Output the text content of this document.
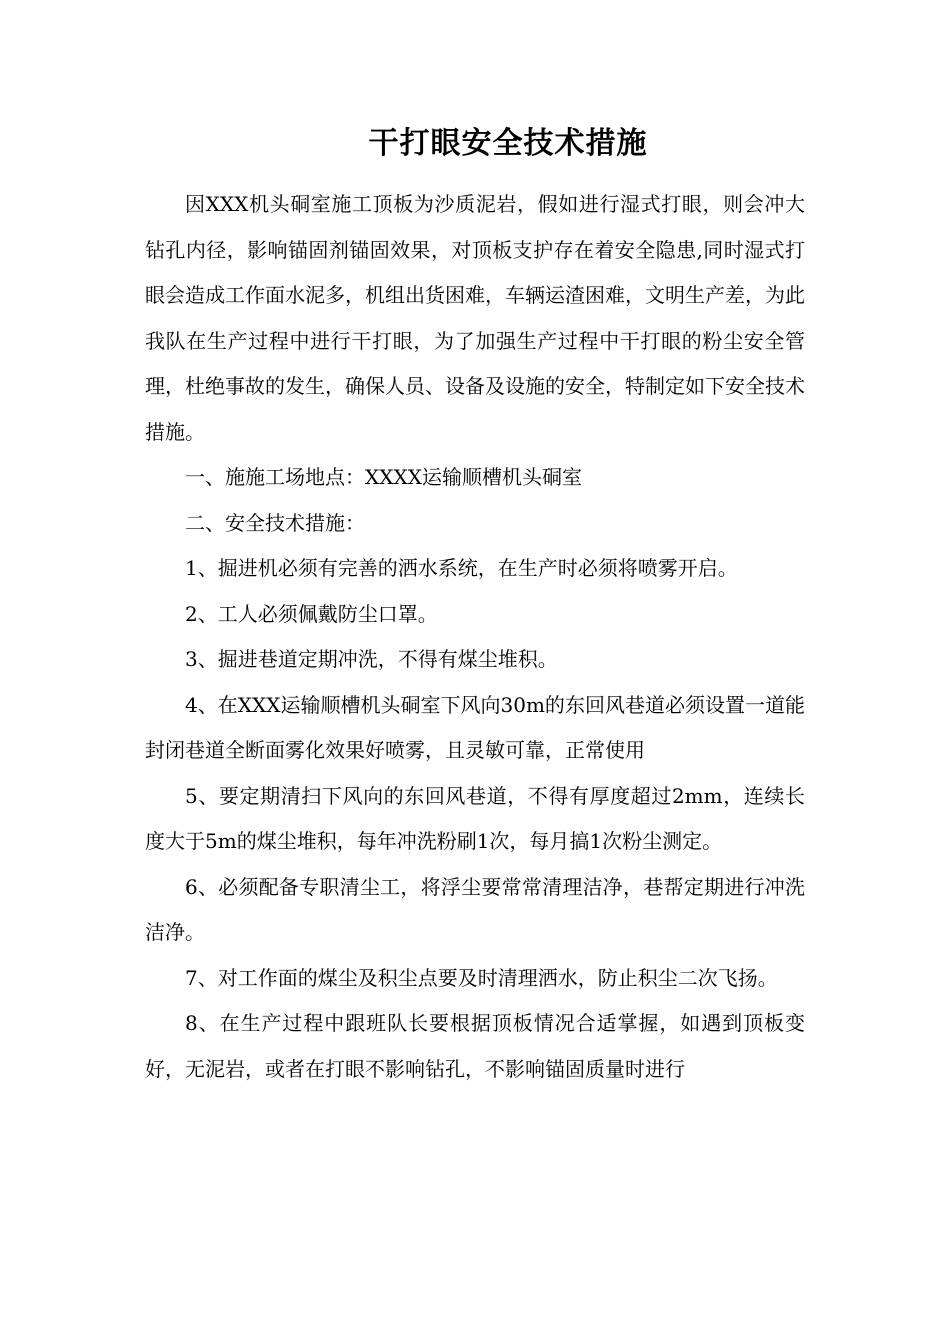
干打眼安全技术措施

因XXX机头硐室施工顶板为沙质泥岩，假如进行湿式打眼，则会冲大钻孔内径，影响锚固剂锚固效果，对顶板支护存在着安全隐患,同时湿式打眼会造成工作面水泥多，机组出货困难，车辆运渣困难，文明生产差，为此我队在生产过程中进行干打眼，为了加强生产过程中干打眼的粉尘安全管理，杜绝事故的发生，确保人员、设备及设施的安全，特制定如下安全技术措施。

一、施施工场地点：XXXX运输顺槽机头硐室

二、安全技术措施：

1、掘进机必须有完善的洒水系统，在生产时必须将喷雾开启。

2、工人必须佩戴防尘口罩。

3、掘进巷道定期冲洗，不得有煤尘堆积。

4、在XXX运输顺槽机头硐室下风向30m的东回风巷道必须设置一道能封闭巷道全断面雾化效果好喷雾，且灵敏可靠，正常使用

5、要定期清扫下风向的东回风巷道，不得有厚度超过2mm，连续长度大于5m的煤尘堆积，每年冲洗粉刷1次，每月搞1次粉尘测定。

6、必须配备专职清尘工，将浮尘要常常清理洁净，巷帮定期进行冲洗洁净。

7、对工作面的煤尘及积尘点要及时清理洒水，防止积尘二次飞扬。

8、在生产过程中跟班队长要根据顶板情况合适掌握，如遇到顶板变好，无泥岩，或者在打眼不影响钻孔，不影响锚固质量时进行
